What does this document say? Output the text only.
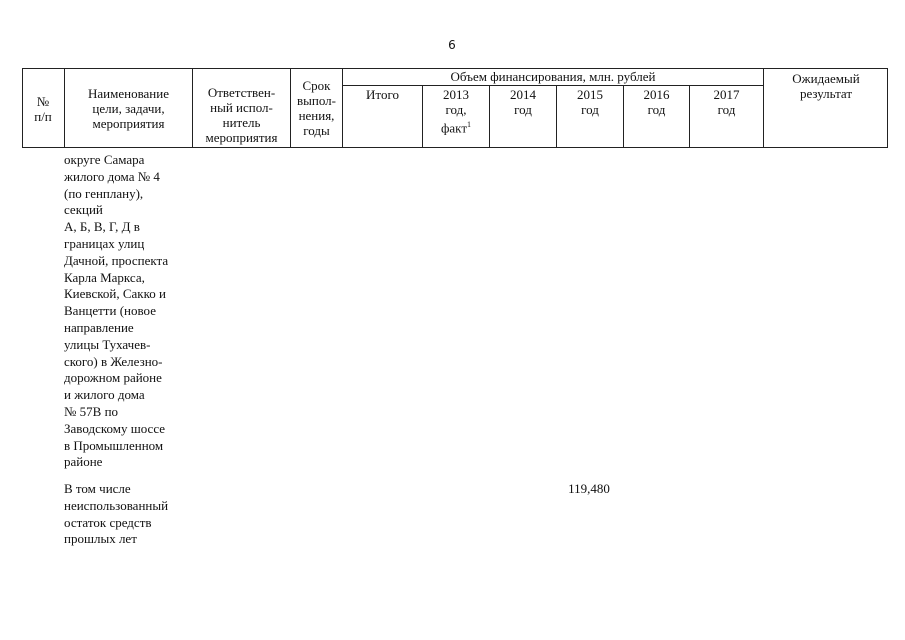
6
№
п/п
Наименование
цели, задачи,
мероприятия
Ответствен-
ный испол-
нитель
мероприятия
Срок
выпол-
нения,
годы
Объем финансирования, млн. рублей
Итого	2013
год,
факт$^1$
2014
год
2015
год
2016
год
2017
год
Ожидаемый
результат
округе Самара
жилого дома № 4
(по генплану),
секций
А, Б, В, Г, Д в
границах улиц
Дачной, проспекта
Карла Маркса,
Киевской, Сакко и
Ванцетти (новое
направление
улицы Тухачев-
ского) в Железно-
дорожном районе
и жилого дома
№ 57В по
Заводскому шоссе
в Промышленном
районе
В том числе
неиспользованный
остаток средств
прошлых лет
119,480
